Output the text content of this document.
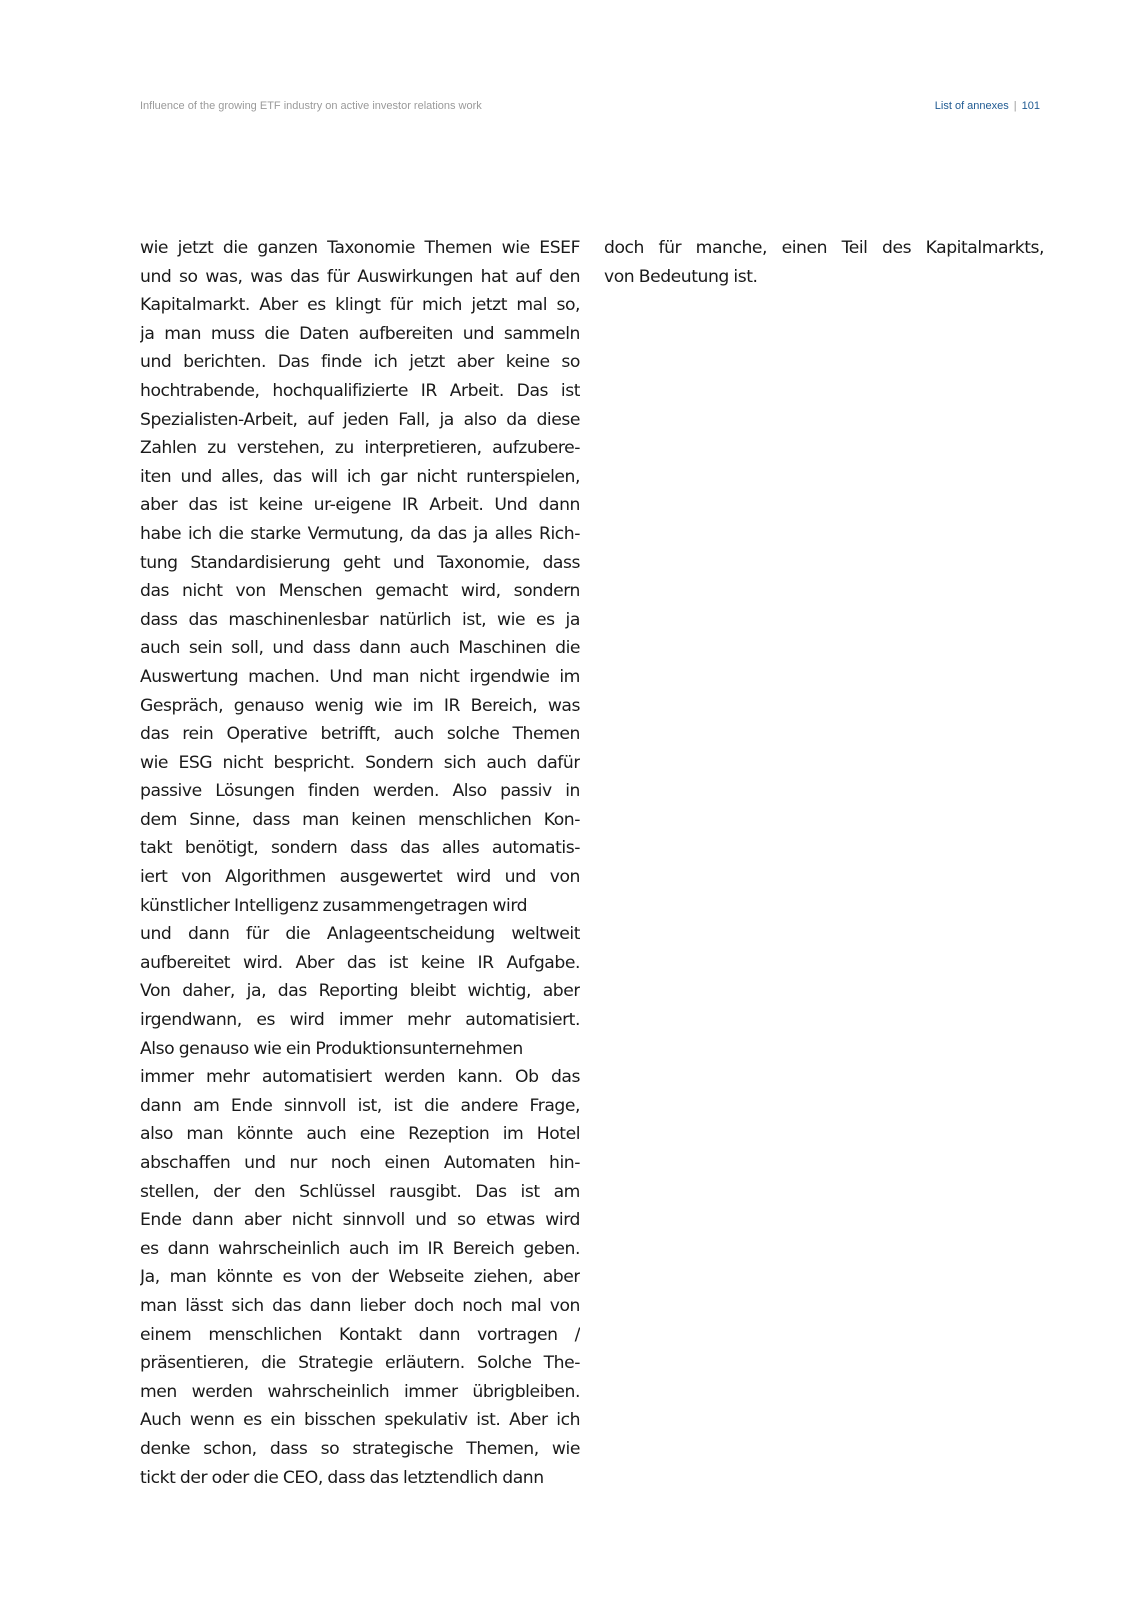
Influence of the growing ETF industry on active investor relations work	List of annexes | 101
wie jetzt die ganzen Taxonomie Themen wie ESEF
und so was, was das für Auswirkungen hat auf den
Kapitalmarkt. Aber es klingt für mich jetzt mal so,
ja man muss die Daten aufbereiten und sammeln
und berichten. Das finde ich jetzt aber keine so
hochtrabende, hochqualifizierte IR Arbeit. Das ist
Spezialisten-Arbeit, auf jeden Fall, ja also da diese
Zahlen zu verstehen, zu interpretieren, aufzubere-
iten und alles, das will ich gar nicht runterspielen,
aber das ist keine ur-eigene IR Arbeit. Und dann
habe ich die starke Vermutung, da das ja alles Rich-
tung Standardisierung geht und Taxonomie, dass
das nicht von Menschen gemacht wird, sondern
dass das maschinenlesbar natürlich ist, wie es ja
auch sein soll, und dass dann auch Maschinen die
Auswertung machen. Und man nicht irgendwie im
Gespräch, genauso wenig wie im IR Bereich, was
das rein Operative betrifft, auch solche Themen
wie ESG nicht bespricht. Sondern sich auch dafür
passive Lösungen finden werden. Also passiv in
dem Sinne, dass man keinen menschlichen Kon-
takt benötigt, sondern dass das alles automatis-
iert von Algorithmen ausgewertet wird und von
künstlicher Intelligenz zusammengetragen wird
und dann für die Anlageentscheidung weltweit
aufbereitet wird. Aber das ist keine IR Aufgabe.
Von daher, ja, das Reporting bleibt wichtig, aber
irgendwann, es wird immer mehr automatisiert.
Also genauso wie ein Produktionsunternehmen
immer mehr automatisiert werden kann. Ob das
dann am Ende sinnvoll ist, ist die andere Frage,
also man könnte auch eine Rezeption im Hotel
abschaffen und nur noch einen Automaten hin-
stellen, der den Schlüssel rausgibt. Das ist am
Ende dann aber nicht sinnvoll und so etwas wird
es dann wahrscheinlich auch im IR Bereich geben.
Ja, man könnte es von der Webseite ziehen, aber
man lässt sich das dann lieber doch noch mal von
einem menschlichen Kontakt dann vortragen /
präsentieren, die Strategie erläutern. Solche The-
men werden wahrscheinlich immer übrigbleiben.
Auch wenn es ein bisschen spekulativ ist. Aber ich
denke schon, dass so strategische Themen, wie
tickt der oder die CEO, dass das letztendlich dann
doch für manche, einen Teil des Kapitalmarkts,
von Bedeutung ist.
